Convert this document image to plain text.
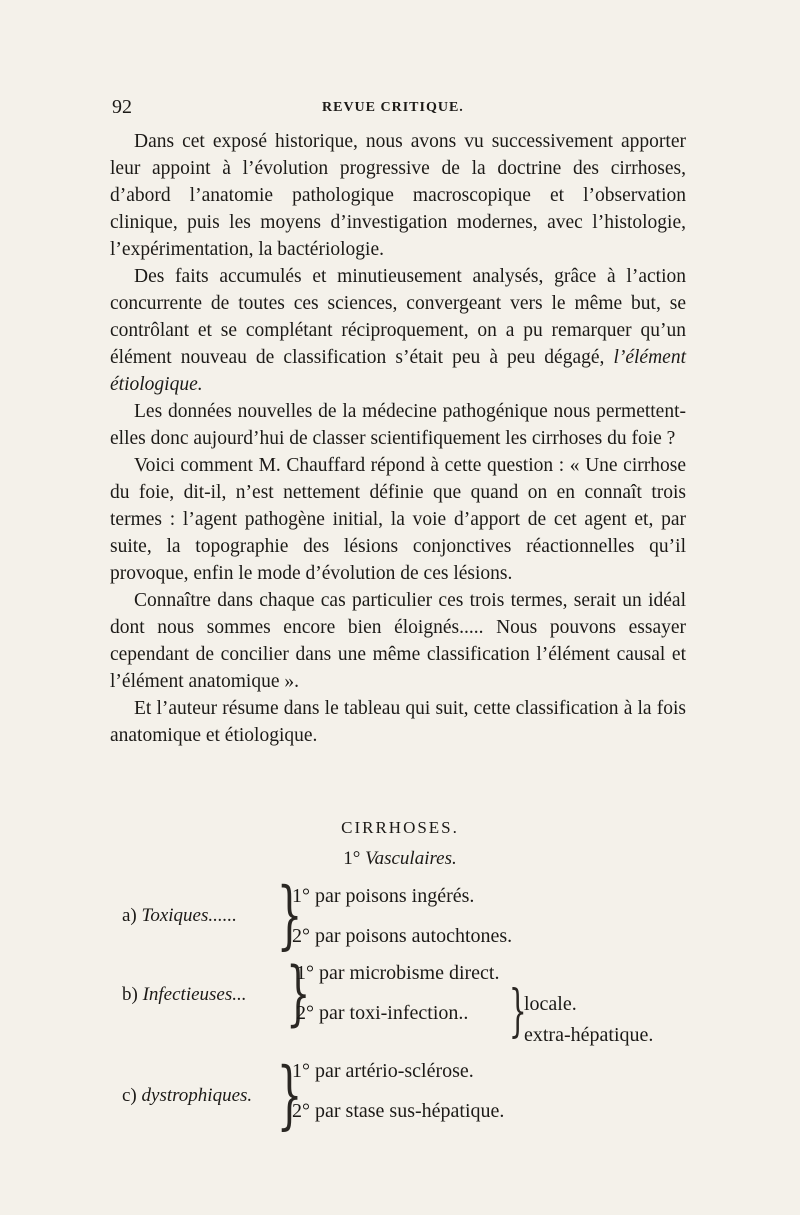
92	REVUE CRITIQUE.

Dans cet exposé historique, nous avons vu successivement apporter leur appoint à l’évolution progressive de la doctrine des cirrhoses, d’abord l’anatomie pathologique macroscopique et l’observation clinique, puis les moyens d’investigation modernes, avec l’histologie, l’expérimentation, la bactériologie.

Des faits accumulés et minutieusement analysés, grâce à l’action concurrente de toutes ces sciences, convergeant vers le même but, se contrôlant et se complétant réciproquement, on a pu remarquer qu’un élément nouveau de classification s’était peu à peu dégagé, l’élément étiologique.

Les données nouvelles de la médecine pathogénique nous permettent-elles donc aujourd’hui de classer scientifiquement les cirrhoses du foie ?

Voici comment M. Chauffard répond à cette question : « Une cirrhose du foie, dit-il, n’est nettement définie que quand on en connaît trois termes : l’agent pathogène initial, la voie d’apport de cet agent et, par suite, la topographie des lésions conjonctives réactionnelles qu’il provoque, enfin le mode d’évolution de ces lésions.

Connaître dans chaque cas particulier ces trois termes, serait un idéal dont nous sommes encore bien éloignés..... Nous pouvons essayer cependant de concilier dans une même classification l’élément causal et l’élément anatomique ».

Et l’auteur résume dans le tableau qui suit, cette classification à la fois anatomique et étiologique.

CIRRHOSES.
1° Vasculaires.
a) Toxiques...... }
1° par poisons ingérés.
2° par poisons autochtones.
b) Infectieuses... }
1° par microbisme direct.
2° par toxi-infection.. }
locale.
extra-hépatique.
c) dystrophiques. }
1° par artério-sclérose.
2° par stase sus-hépatique.
